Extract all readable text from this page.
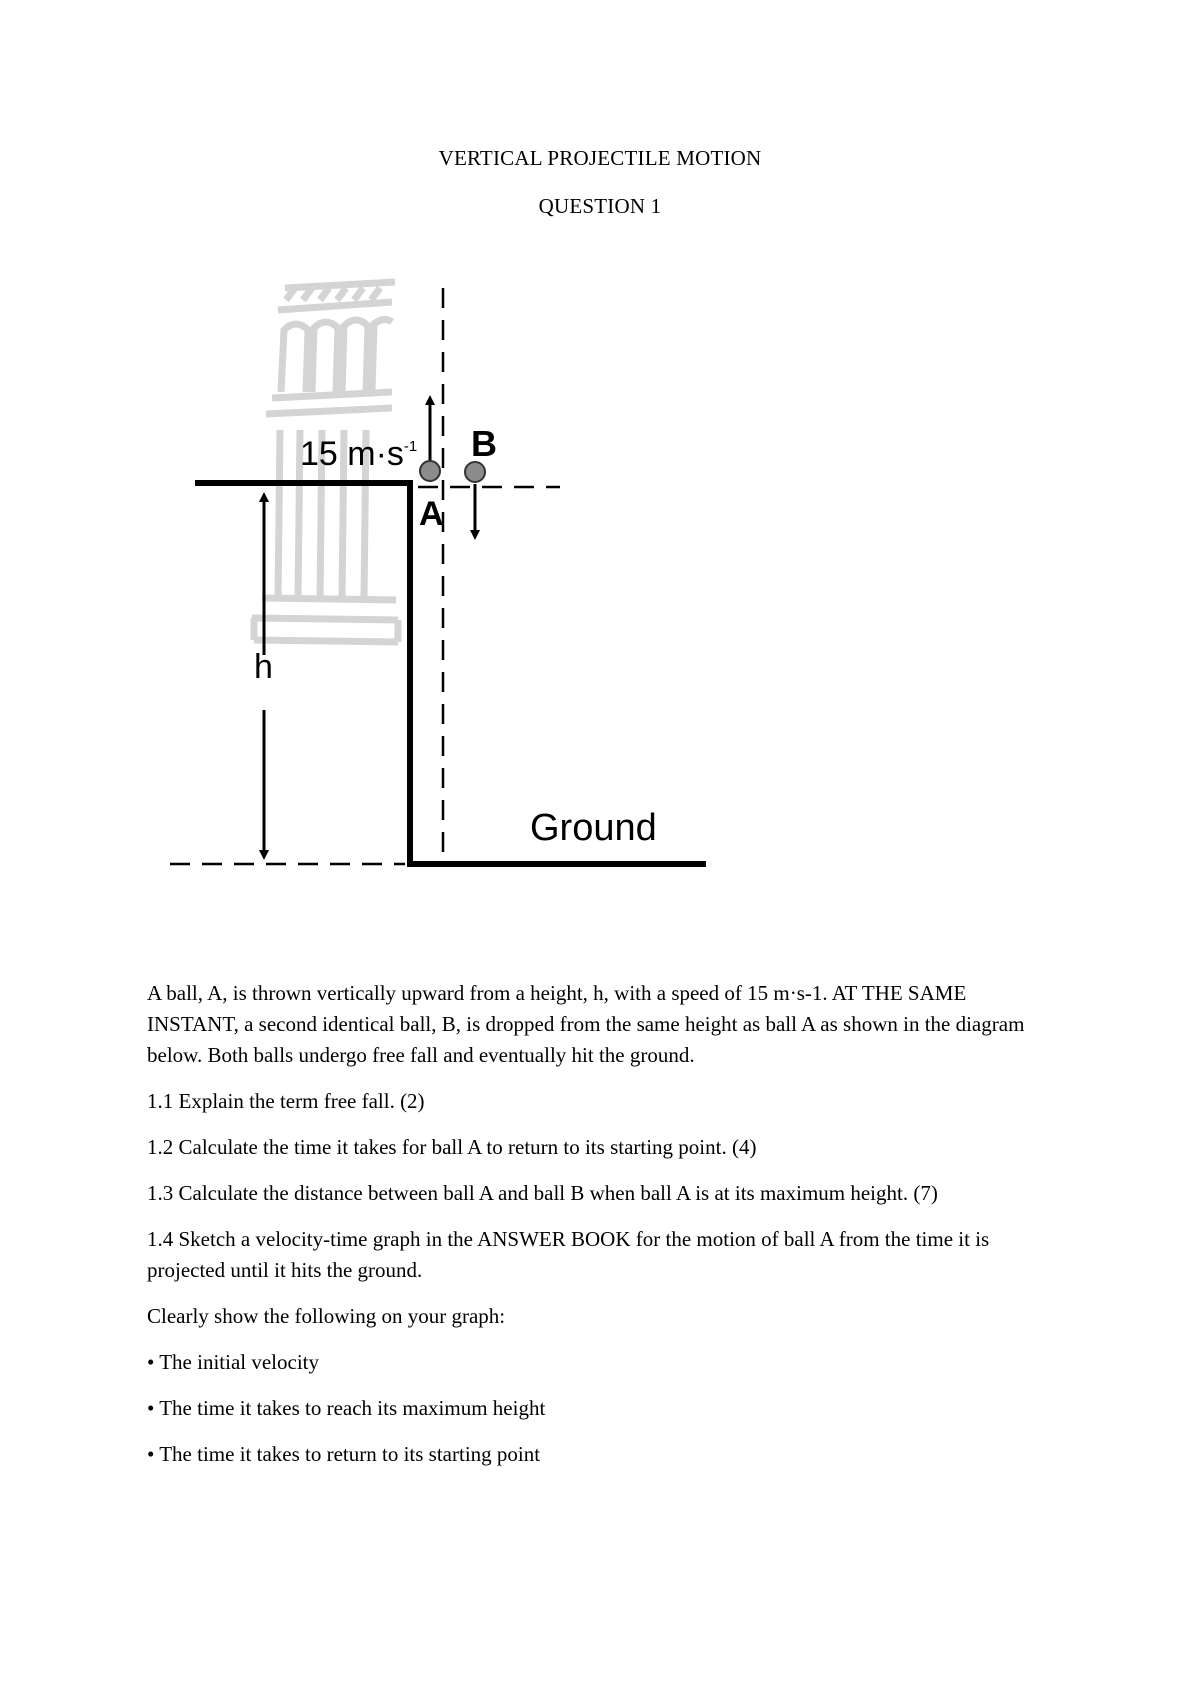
VERTICAL PROJECTILE MOTION
QUESTION 1
15 $m\cdot s^{-1}$ B
A
h
Ground

A ball, A, is thrown vertically upward from a height, h, with a speed of 15 m·s-1. AT THE SAME INSTANT, a second identical ball, B, is dropped from the same height as ball A as shown in the diagram below. Both balls undergo free fall and eventually hit the ground.

1.1 Explain the term free fall. (2)

1.2 Calculate the time it takes for ball A to return to its starting point. (4)

1.3 Calculate the distance between ball A and ball B when ball A is at its maximum height. (7)

1.4 Sketch a velocity-time graph in the ANSWER BOOK for the motion of ball A from the time it is projected until it hits the ground.

Clearly show the following on your graph:

• The initial velocity

• The time it takes to reach its maximum height

• The time it takes to return to its starting point
